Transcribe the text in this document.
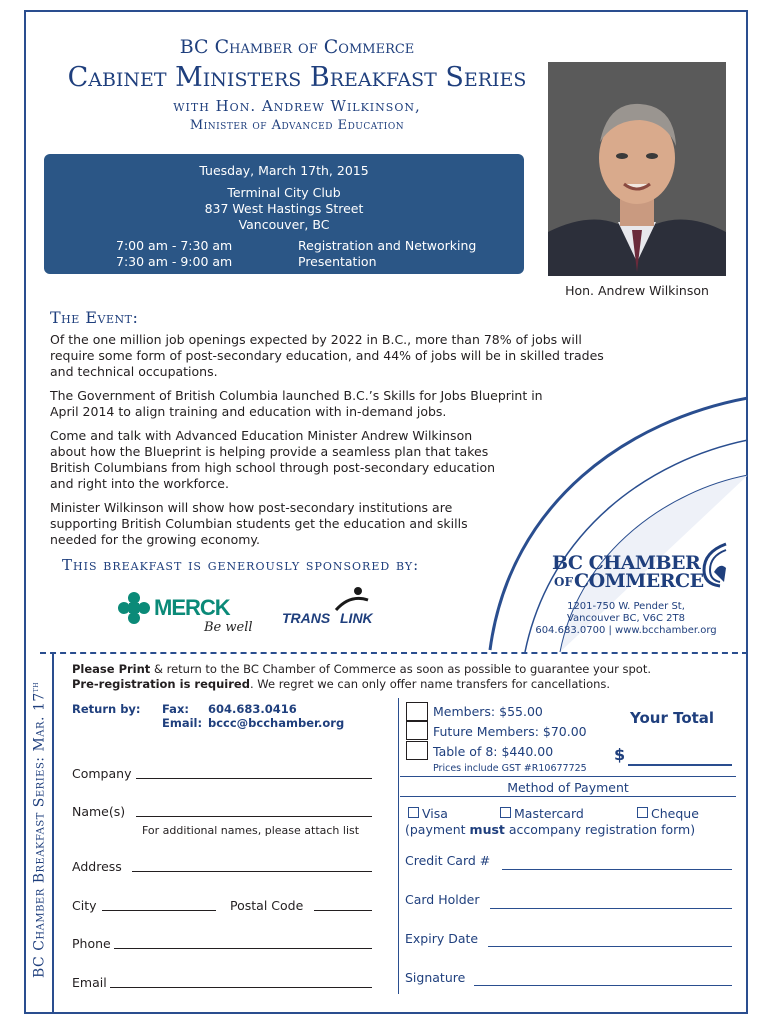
BC Chamber of Commerce
Cabinet Ministers Breakfast Series
with Hon. Andrew Wilkinson,
Minister of Advanced Education
Tuesday, March 17th, 2015
Terminal City Club
837 West Hastings Street
Vancouver, BC
7:00 am - 7:30 am	Registration and Networking
7:30 am - 9:00 am	Presentation
Hon. Andrew Wilkinson
The Event:

Of the one million job openings expected by 2022 in B.C., more than 78% of jobs will require some form of post-secondary education, and 44% of jobs will be in skilled trades and technical occupations.

The Government of British Columbia launched B.C.’s Skills for Jobs Blueprint in April 2014 to align training and education with in-demand jobs.

Come and talk with Advanced Education Minister Andrew Wilkinson about how the Blueprint is helping provide a seamless plan that takes British Columbians from high school through post-secondary education and right into the workforce.

Minister Wilkinson will show how post-secondary institutions are supporting British Columbian students get the education and skills needed for the growing economy.

This breakfast is generously sponsored by:
MERCK
Be well
TRANS LINK
BC CHAMBER
OF COMMERCE
1201-750 W. Pender St,
Vancouver BC, V6C 2T8
604.683.0700 | www.bcchamber.org
BC Chamber Breakfast Series: Mar. 17th
Please Print & return to the BC Chamber of Commerce as soon as possible to guarantee your spot.
Pre-registration is required. We regret we can only offer name transfers for cancellations.
Return by: Fax: 604.683.0416
Email: bccc@bcchamber.org
Company
Name(s)
For additional names, please attach list
Address
City	Postal Code
Phone
Email
Members: $55.00
Future Members: $70.00
Table of 8: $440.00
Prices include GST #R10677725
Your Total
$
Method of Payment
Visa	Mastercard	Cheque
(payment must accompany registration form)
Credit Card #
Card Holder
Expiry Date
Signature
